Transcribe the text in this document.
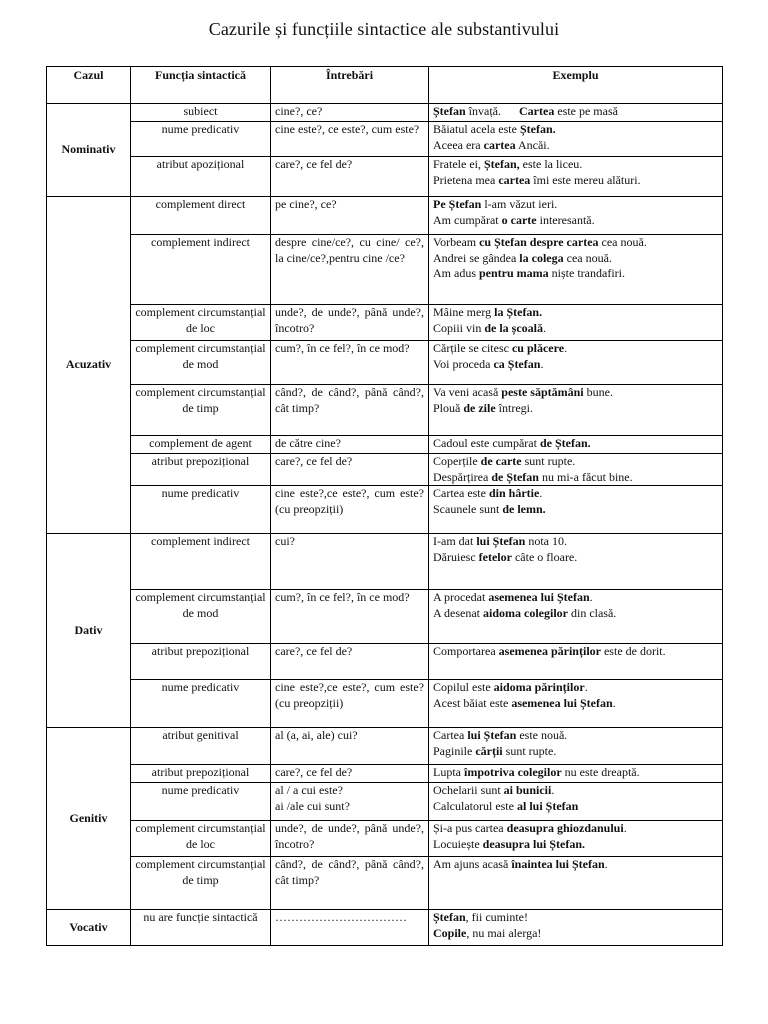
Cazurile și funcțiile sintactice ale substantivului
Cazul	Funcția sintactică	Întrebări	Exemplu
Nominativ	subiect	cine?, ce?	Ștefan învață.      Cartea este pe masă

	nume predicativ	cine este?, ce este?, cum este?	Băiatul acela este Ștefan.
Aceea era cartea Ancăi.

	atribut apozițional	care?, ce fel de?	Fratele ei, Ștefan, este la liceu.
Prietena mea cartea îmi este mereu alături.

Acuzativ	complement direct	pe cine?, ce?	Pe Ștefan l-am văzut ieri.
Am cumpărat o carte interesantă.

	complement indirect	despre cine/ce?, cu cine/ ce?, la cine/ce?,pentru cine /ce?	Vorbeam cu Ștefan despre cartea cea nouă.
Andrei se gândea la colega cea nouă.
Am adus pentru mama niște trandafiri.

	complement circumstanțial de loc	unde?, de unde?, până unde?, încotro?	Mâine merg la Ștefan.
Copiii vin de la școală.

	complement circumstanțial de mod	cum?, în ce fel?, în ce mod?	Cărțile se citesc cu plăcere.
Voi proceda ca Ștefan.

	complement circumstanțial de timp	când?, de când?, până când?, cât timp?	Va veni acasă peste săptămâni bune.
Plouă de zile întregi.

	complement de agent	de către cine?	Cadoul este cumpărat de Ștefan.

	atribut prepozițional	care?, ce fel de?	Coperțile de carte sunt rupte.
Despărțirea de Ștefan nu mi-a făcut bine.

	nume predicativ	cine este?,ce este?, cum este? (cu preopziții)	Cartea este din hârtie.
Scaunele sunt de lemn.

Dativ	complement indirect	cui?	I-am dat lui Ștefan nota 10.
Dăruiesc fetelor câte o floare.

	complement circumstanțial de mod	cum?, în ce fel?, în ce mod?	A procedat asemenea lui Ștefan.
A desenat aidoma colegilor din clasă.

	atribut prepozițional	care?, ce fel de?	Comportarea asemenea părinților este de dorit.

	nume predicativ	cine este?,ce este?, cum este? (cu preopziții)	Copilul este aidoma părinților.
Acest băiat este asemenea lui Ștefan.

Genitiv	atribut genitival	al (a, ai, ale) cui?	Cartea lui Ștefan este nouă.
Paginile cărții sunt rupte.

	atribut prepozițional	care?, ce fel de?	Lupta împotriva colegilor nu este dreaptă.

	nume predicativ	al / a cui este?
ai /ale cui sunt?	Ochelarii sunt ai bunicii.
Calculatorul este al lui Ștefan

	complement circumstanțial de loc	unde?, de unde?, până unde?, încotro?	Și-a pus cartea deasupra ghiozdanului.
Locuiește deasupra lui Ștefan.

	complement circumstanțial de timp	când?, de când?, până când?, cât timp?	Am ajuns acasă înaintea lui Ștefan.

Vocativ	nu are funcție sintactică	……………………………	Ștefan, fii cuminte!
Copile, nu mai alerga!
